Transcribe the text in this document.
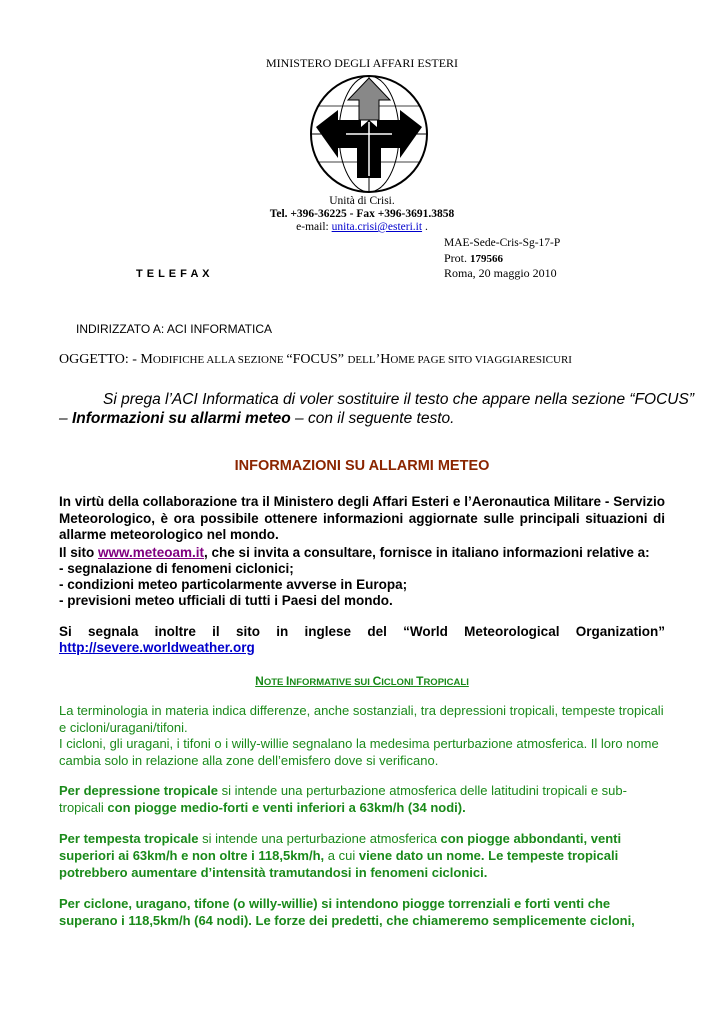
MINISTERO DEGLI AFFARI ESTERI
Unità di Crisi.
Tel. +396-36225 - Fax +396-3691.3858
e-mail: unita.crisi@esteri.it .
MAE-Sede-Cris-Sg-17-P
Prot. 179566
Roma, 20 maggio 2010
T E L E F A X
INDIRIZZATO A: ACI INFORMATICA
OGGETTO: - MODIFICHE ALLA SEZIONE “FOCUS” DELL’HOME PAGE SITO VIAGGIARESICURI
Si prega l’ACI Informatica di voler sostituire il testo che appare nella sezione “FOCUS”
– Informazioni su allarmi meteo – con il seguente testo.
INFORMAZIONI SU ALLARMI METEO
In virtù della collaborazione tra il Ministero degli Affari Esteri e l’Aeronautica Militare - Servizio Meteorologico, è ora possibile ottenere informazioni aggiornate sulle principali situazioni di allarme meteorologico nel mondo.
Il sito www.meteoam.it, che si invita a consultare, fornisce in italiano informazioni relative a:
- segnalazione di fenomeni ciclonici;
- condizioni meteo particolarmente avverse in Europa;
- previsioni meteo ufficiali di tutti i Paesi del mondo.
Si segnala inoltre il sito in inglese del “World Meteorological Organization”
http://severe.worldweather.org
NOTE INFORMATIVE SUI CICLONI TROPICALI
La terminologia in materia indica differenze, anche sostanziali, tra depressioni tropicali, tempeste tropicali e cicloni/uragani/tifoni.
I cicloni, gli uragani, i tifoni o i willy-willie segnalano la medesima perturbazione atmosferica. Il loro nome cambia solo in relazione alla zone dell’emisfero dove si verificano.
Per depressione tropicale si intende una perturbazione atmosferica delle latitudini tropicali e sub-tropicali con piogge medio-forti e venti inferiori a 63km/h (34 nodi).
Per tempesta tropicale si intende una perturbazione atmosferica con piogge abbondanti, venti superiori ai 63km/h e non oltre i 118,5km/h, a cui viene dato un nome. Le tempeste tropicali potrebbero aumentare d’intensità tramutandosi in fenomeni ciclonici.
Per ciclone, uragano, tifone (o willy-willie) si intendono piogge torrenziali e forti venti che superano i 118,5km/h (64 nodi). Le forze dei predetti, che chiameremo semplicemente cicloni,
